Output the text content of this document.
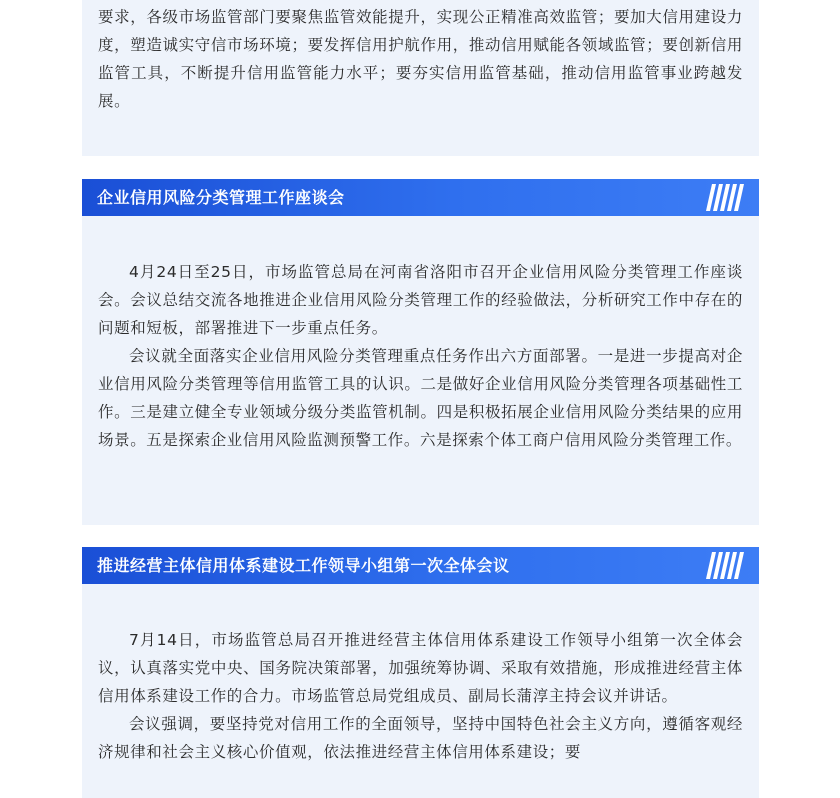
要求，各级市场监管部门要聚焦监管效能提升，实现公正精准高效监管；要加大信用建设力度，塑造诚实守信市场环境；要发挥信用护航作用，推动信用赋能各领域监管；要创新信用监管工具，不断提升信用监管能力水平；要夯实信用监管基础，推动信用监管事业跨越发展。

企业信用风险分类管理工作座谈会

4月24日至25日，市场监管总局在河南省洛阳市召开企业信用风险分类管理工作座谈会。会议总结交流各地推进企业信用风险分类管理工作的经验做法，分析研究工作中存在的问题和短板，部署推进下一步重点任务。

会议就全面落实企业信用风险分类管理重点任务作出六方面部署。一是进一步提高对企业信用风险分类管理等信用监管工具的认识。二是做好企业信用风险分类管理各项基础性工作。三是建立健全专业领域分级分类监管机制。四是积极拓展企业信用风险分类结果的应用场景。五是探索企业信用风险监测预警工作。六是探索个体工商户信用风险分类管理工作。

推进经营主体信用体系建设工作领导小组第一次全体会议

7月14日，市场监管总局召开推进经营主体信用体系建设工作领导小组第一次全体会议，认真落实党中央、国务院决策部署，加强统筹协调、采取有效措施，形成推进经营主体信用体系建设工作的合力。市场监管总局党组成员、副局长蒲淳主持会议并讲话。

会议强调，要坚持党对信用工作的全面领导，坚持中国特色社会主义方向，遵循客观经济规律和社会主义核心价值观，依法推进经营主体信用体系建设；要
